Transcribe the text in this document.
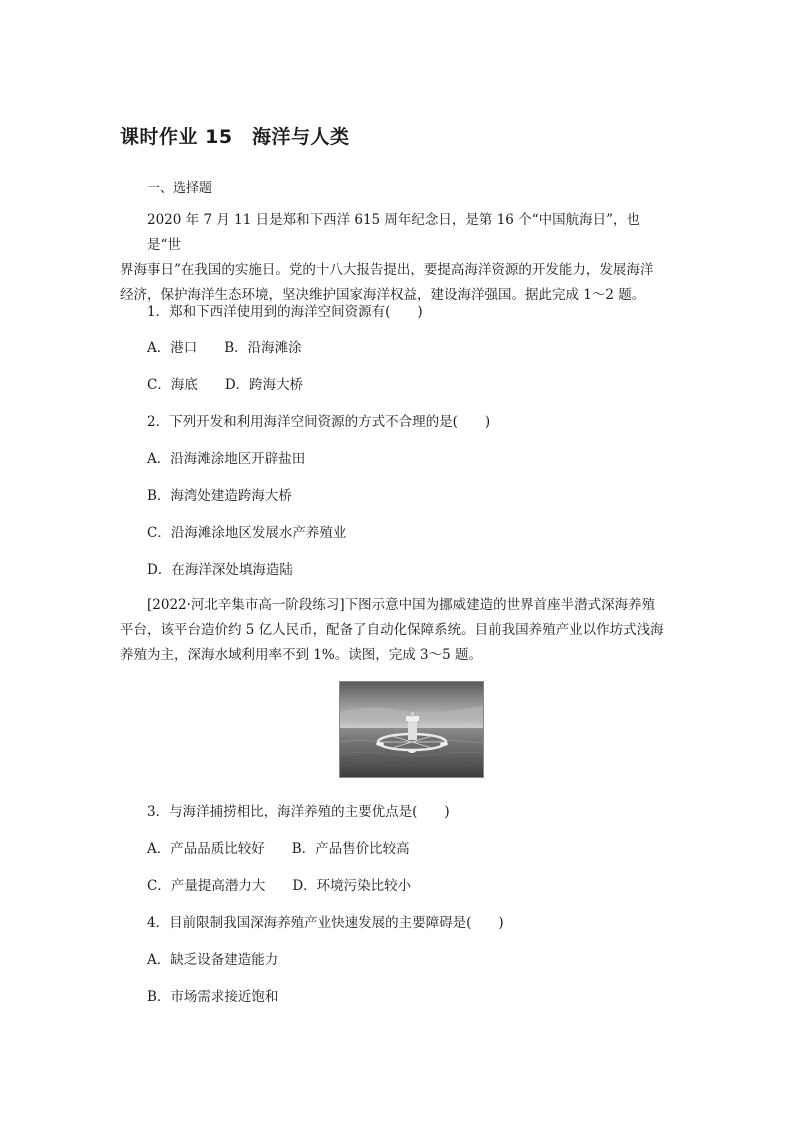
课时作业 15　海洋与人类
一、选择题
2020 年 7 月 11 日是郑和下西洋 615 周年纪念日，是第 16 个“中国航海日”，也是“世
界海事日”在我国的实施日。党的十八大报告提出，要提高海洋资源的开发能力，发展海洋
经济，保护海洋生态环境，坚决维护国家海洋权益，建设海洋强国。据此完成 1～2 题。
1．郑和下西洋使用到的海洋空间资源有(　　)
A．港口　　B．沿海滩涂
C．海底　　D．跨海大桥
2．下列开发和利用海洋空间资源的方式不合理的是(　　)
A．沿海滩涂地区开辟盐田
B．海湾处建造跨海大桥
C．沿海滩涂地区发展水产养殖业
D．在海洋深处填海造陆
[2022·河北辛集市高一阶段练习]下图示意中国为挪威建造的世界首座半潜式深海养殖
平台，该平台造价约 5 亿人民币，配备了自动化保障系统。目前我国养殖产业以作坊式浅海
养殖为主，深海水域利用率不到 1%。读图，完成 3～5 题。
3．与海洋捕捞相比，海洋养殖的主要优点是(　　)
A．产品品质比较好　　B．产品售价比较高
C．产量提高潜力大　　D．环境污染比较小
4．目前限制我国深海养殖产业快速发展的主要障碍是(　　)
A．缺乏设备建造能力
B．市场需求接近饱和
